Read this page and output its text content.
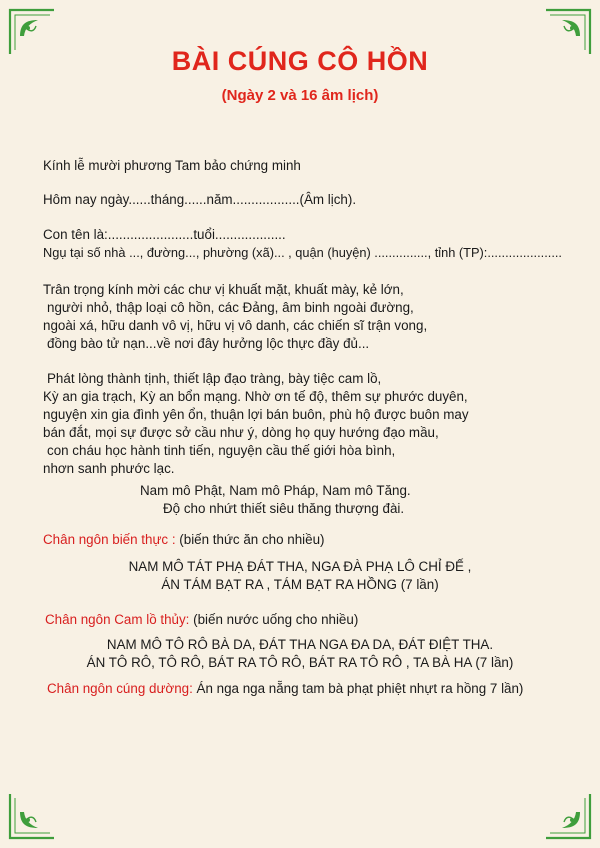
BÀI CÚNG CÔ HỒN
(Ngày 2 và 16 âm lịch)
Kính lễ mười phương Tam bảo chứng minh
Hôm nay ngày......tháng......năm..................(Âm lịch).
Con tên là:.......................tuổi...................
Ngụ tại số nhà ..., đường..., phường (xã)... , quận (huyện) ..............., tỉnh (TP):.....................
Trân trọng kính mời các chư vị khuất mặt, khuất mày, kẻ lớn,
người nhỏ, thập loại cô hồn, các Đảng, âm binh ngoài đường,
ngoài xá, hữu danh vô vị, hữu vị vô danh, các chiến sĩ trận vong,
đồng bào tử nạn...về nơi đây hưởng lộc thực đầy đủ...
Phát lòng thành tịnh, thiết lập đạo tràng, bày tiệc cam lồ,
Kỳ an gia trạch, Kỳ an bổn mạng. Nhờ ơn tế độ, thêm sự phước duyên,
nguyện xin gia đình yên ổn, thuận lợi bán buôn, phù hộ được buôn may
bán đắt, mọi sự được sở cầu như ý, dòng họ quy hướng đạo mầu,
con cháu học hành tinh tiến, nguyện cầu thế giới hòa bình,
nhơn sanh phước lạc.
Nam mô Phật, Nam mô Pháp, Nam mô Tăng.
Độ cho nhứt thiết siêu thăng thượng đài.
Chân ngôn biến thực : (biến thức ăn cho nhiều)
NAM MÔ TÁT PHẠ ĐÁT THA, NGA ĐÀ PHẠ LÔ CHỈ ĐẾ ,
ÁN TÁM BẠT RA , TÁM BẠT RA HỒNG (7 lần)
Chân ngôn Cam lồ thủy: (biến nước uống cho nhiều)
NAM MÔ TÔ RÔ BÀ DA, ĐÁT THA NGA ĐA DA, ĐÁT ĐIỆT THA.
ÁN TÔ RÔ, TÔ RÔ, BÁT RA TÔ RÔ, BÁT RA TÔ RÔ , TA BÀ HA (7 lần)
Chân ngôn cúng dường: Án nga nga nẵng tam bà phạt phiệt nhựt ra hồng 7 lần)
